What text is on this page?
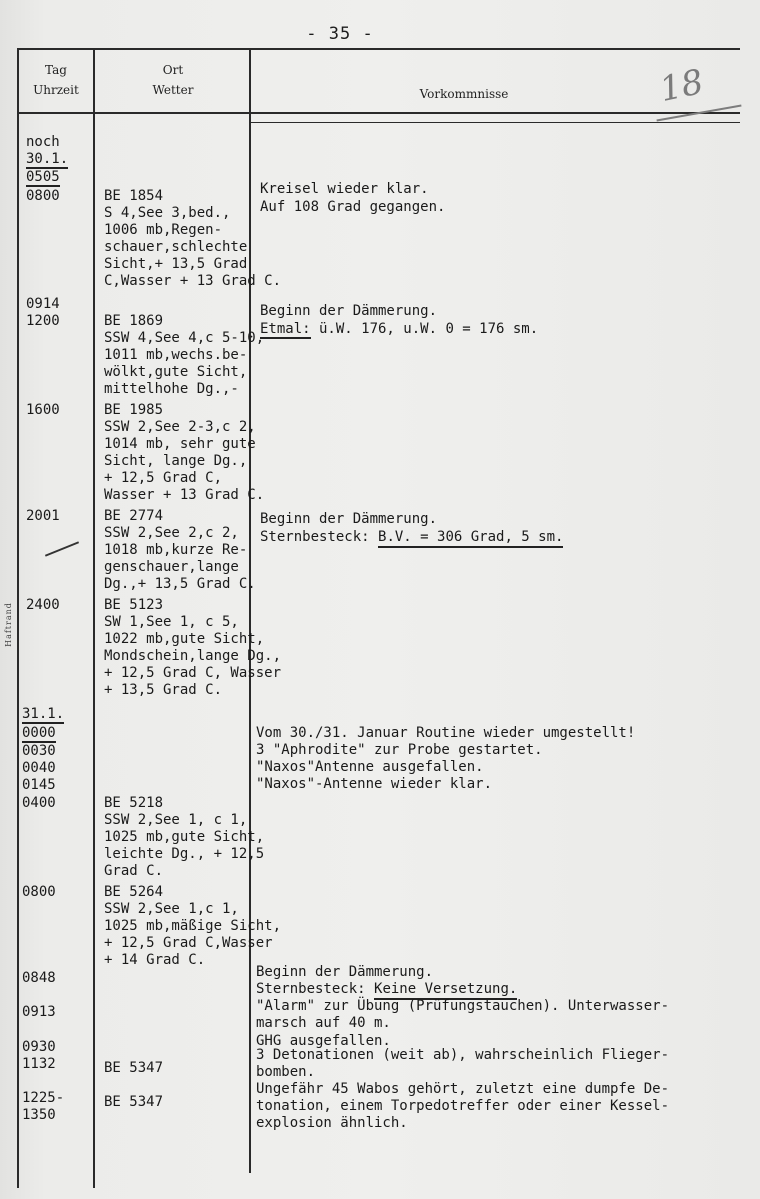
- 35 -
Tag
Uhrzeit
Ort
Wetter	Vorkommnisse	18
Haftrand
noch
30.1.
0505
0800
0914
1200
1600
2001
2400
31.1.
0000
0030
0040
0145
0400
0800
0848
0913
0930
1132
1225-
1350
BE 1854
S 4,See 3,bed.,
1006 mb,Regen-
schauer,schlechte
Sicht,+ 13,5 Grad
C,Wasser + 13 Grad C.
BE 1869
SSW 4,See 4,c 5-10,
1011 mb,wechs.be-
wölkt,gute Sicht,
mittelhohe Dg.,-
BE 1985
SSW 2,See 2-3,c 2,
1014 mb, sehr gute
Sicht, lange Dg.,
+ 12,5 Grad C,
Wasser + 13 Grad C.
BE 2774
SSW 2,See 2,c 2,
1018 mb,kurze Re-
genschauer,lange
Dg.,+ 13,5 Grad C.
BE 5123
SW 1,See 1, c 5,
1022 mb,gute Sicht,
Mondschein,lange Dg.,
+ 12,5 Grad C, Wasser
+ 13,5 Grad C.
BE 5218
SSW 2,See 1, c 1,
1025 mb,gute Sicht,
leichte Dg., + 12,5
Grad C.
BE 5264
SSW 2,See 1,c 1,
1025 mb,mäßige Sicht,
+ 12,5 Grad C,Wasser
+ 14 Grad C.
BE 5347
BE 5347
Kreisel wieder klar.
Auf 108 Grad gegangen.
Beginn der Dämmerung.
Etmal: ü.W. 176, u.W. 0 = 176 sm.
Beginn der Dämmerung.
Sternbesteck: B.V. = 306 Grad, 5 sm.
Vom 30./31. Januar Routine wieder umgestellt!
3 "Aphrodite" zur Probe gestartet.
"Naxos"Antenne ausgefallen.
"Naxos"-Antenne wieder klar.
Beginn der Dämmerung.
Sternbesteck: Keine Versetzung.
"Alarm" zur Übung (Prüfungstauchen). Unterwasser-
marsch auf 40 m.
GHG ausgefallen.
3 Detonationen (weit ab), wahrscheinlich Flieger-
bomben.
Ungefähr 45 Wabos gehört, zuletzt eine dumpfe De-
tonation, einem Torpedotreffer oder einer Kessel-
explosion ähnlich.
